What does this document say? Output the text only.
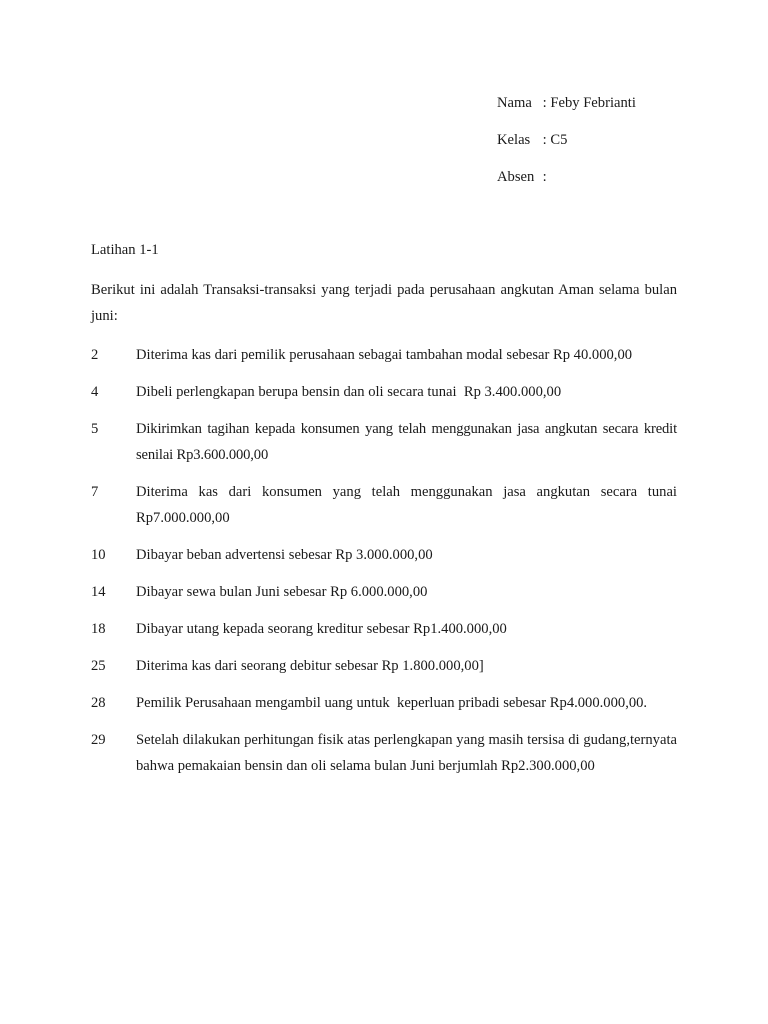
Nama : Feby Febrianti
Kelas : C5
Absen :
Latihan 1-1
Berikut ini adalah Transaksi-transaksi yang terjadi pada perusahaan angkutan Aman selama bulan juni:
2	Diterima kas dari pemilik perusahaan sebagai tambahan modal sebesar Rp 40.000,00
4	Dibeli perlengkapan berupa bensin dan oli secara tunai  Rp 3.400.000,00
5	Dikirimkan tagihan kepada konsumen yang telah menggunakan jasa angkutan secara kredit senilai Rp3.600.000,00
7	Diterima kas dari konsumen yang telah menggunakan jasa angkutan secara tunai Rp7.000.000,00
10	Dibayar beban advertensi sebesar Rp 3.000.000,00
14	Dibayar sewa bulan Juni sebesar Rp 6.000.000,00
18	Dibayar utang kepada seorang kreditur sebesar Rp1.400.000,00
25	Diterima kas dari seorang debitur sebesar Rp 1.800.000,00]
28	Pemilik Perusahaan mengambil uang untuk  keperluan pribadi sebesar Rp4.000.000,00.
29	Setelah dilakukan perhitungan fisik atas perlengkapan yang masih tersisa di gudang,ternyata bahwa pemakaian bensin dan oli selama bulan Juni berjumlah Rp2.300.000,00
